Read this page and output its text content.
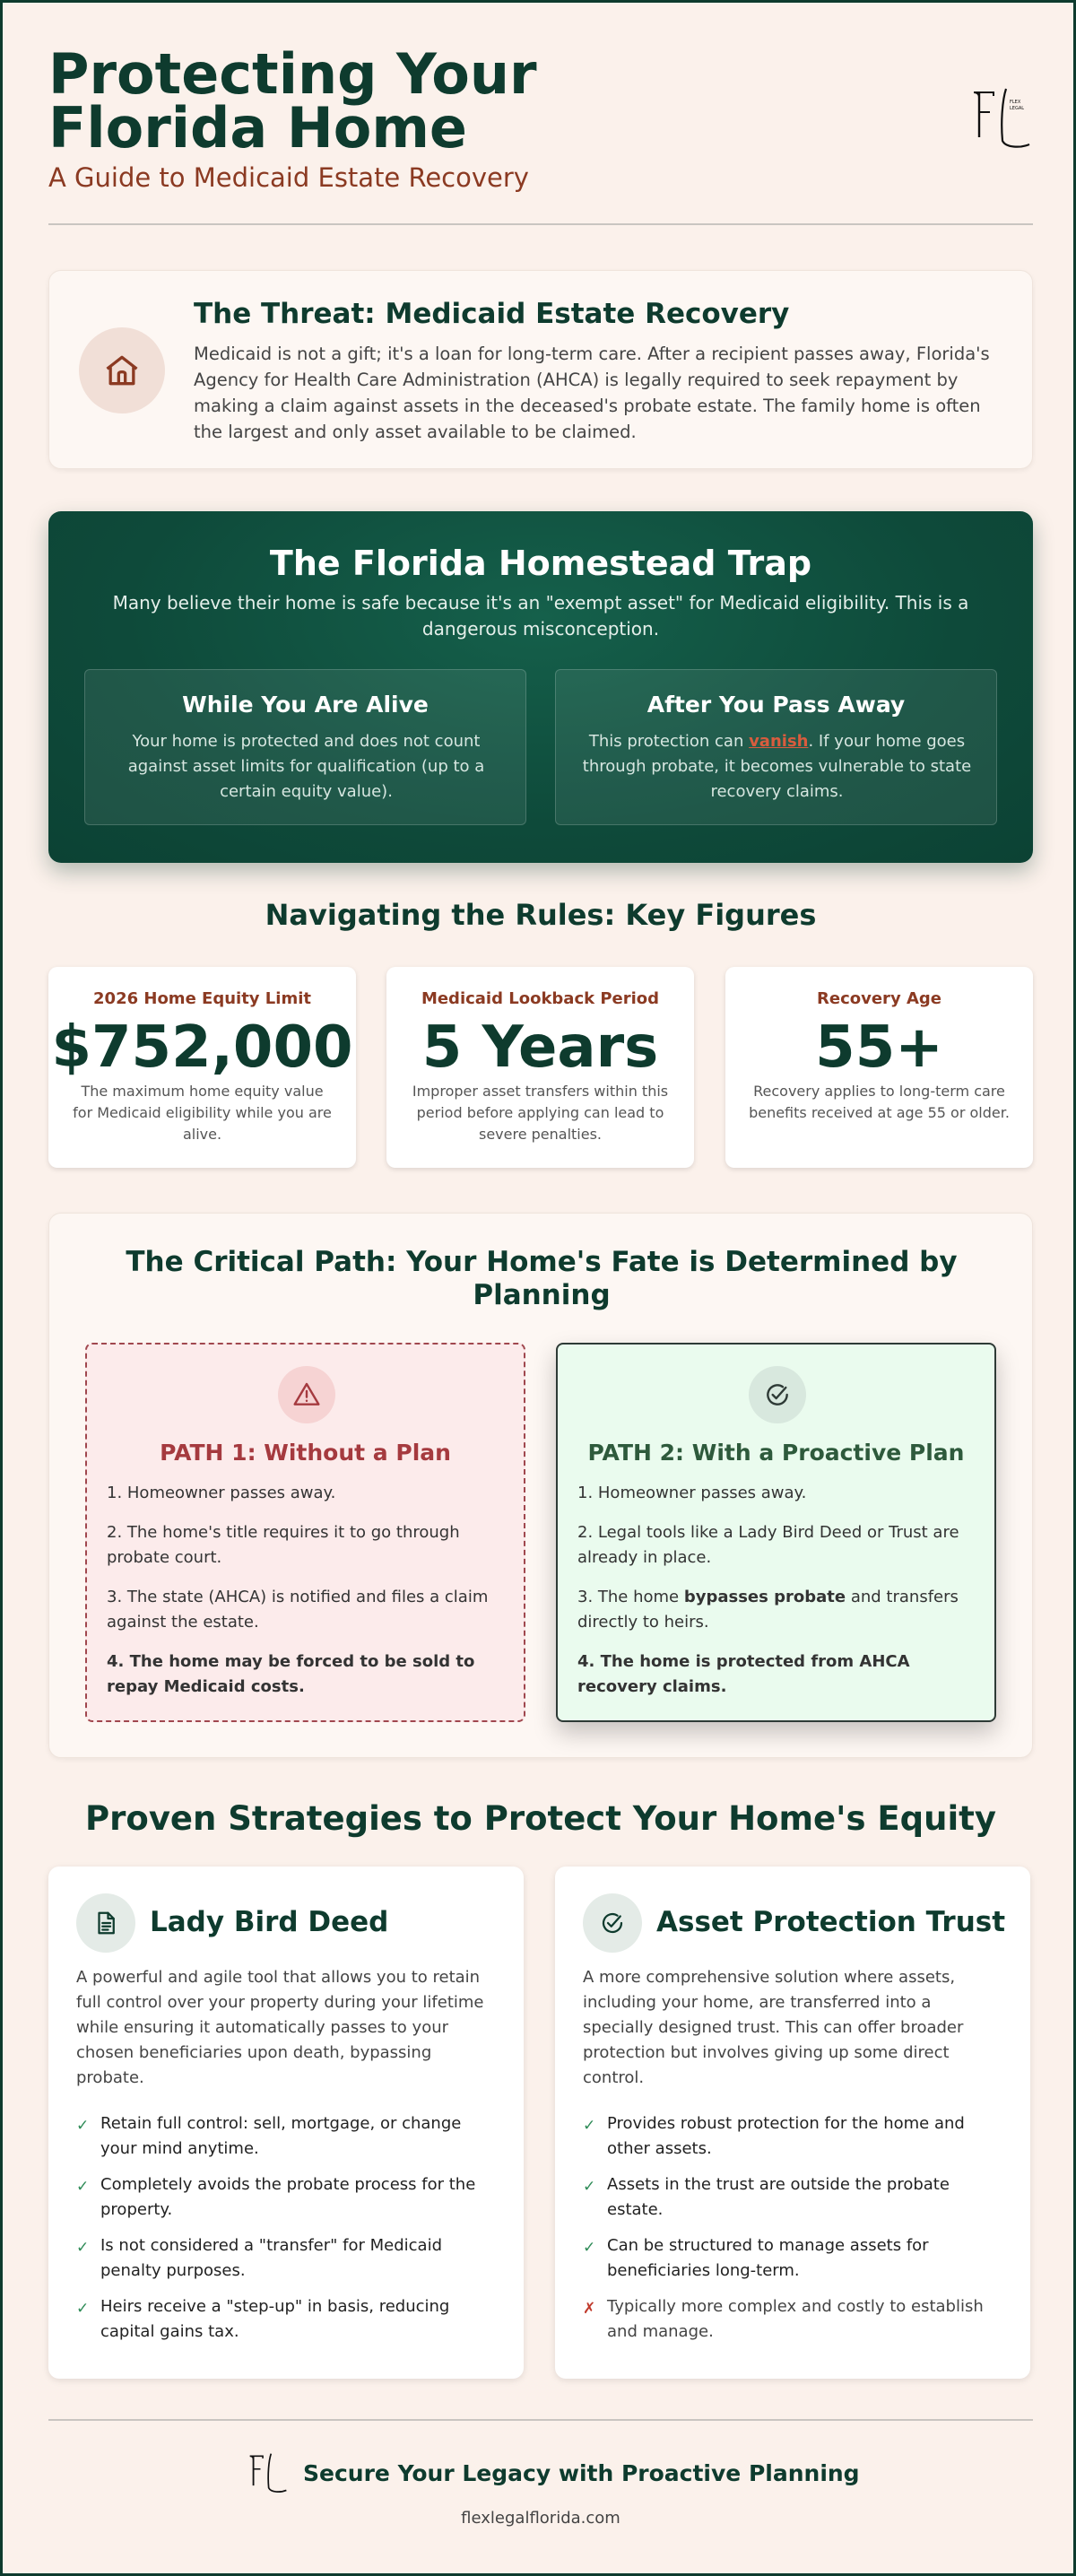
Protecting Your Florida Home
A Guide to Medicaid Estate Recovery
FLEX
LEGAL
The Threat: Medicaid Estate Recovery
Medicaid is not a gift; it's a loan for long-term care. After a recipient passes away, Florida's Agency for Health Care Administration (AHCA) is legally required to seek repayment by making a claim against assets in the deceased's probate estate. The family home is often the largest and only asset available to be claimed.
The Florida Homestead Trap
Many believe their home is safe because it's an "exempt asset" for Medicaid eligibility. This is a dangerous misconception.
While You Are Alive
Your home is protected and does not count against asset limits for qualification (up to a certain equity value).
After You Pass Away
This protection can vanish. If your home goes through probate, it becomes vulnerable to state recovery claims.
Navigating the Rules: Key Figures
2026 Home Equity Limit
$752,000
The maximum home equity value for Medicaid eligibility while you are alive.
Medicaid Lookback Period
5 Years
Improper asset transfers within this period before applying can lead to severe penalties.
Recovery Age
55+
Recovery applies to long-term care benefits received at age 55 or older.
The Critical Path: Your Home's Fate is Determined by Planning
PATH 1: Without a Plan
1. Homeowner passes away.
2. The home's title requires it to go through probate court.
3. The state (AHCA) is notified and files a claim against the estate.
4. The home may be forced to be sold to repay Medicaid costs.
PATH 2: With a Proactive Plan
1. Homeowner passes away.
2. Legal tools like a Lady Bird Deed or Trust are already in place.
3. The home bypasses probate and transfers directly to heirs.
4. The home is protected from AHCA recovery claims.
Proven Strategies to Protect Your Home's Equity
Lady Bird Deed
A powerful and agile tool that allows you to retain full control over your property during your lifetime while ensuring it automatically passes to your chosen beneficiaries upon death, bypassing probate.
✓ Retain full control: sell, mortgage, or change your mind anytime.
✓ Completely avoids the probate process for the property.
✓ Is not considered a "transfer" for Medicaid penalty purposes.
✓ Heirs receive a "step-up" in basis, reducing capital gains tax.
Asset Protection Trust
A more comprehensive solution where assets, including your home, are transferred into a specially designed trust. This can offer broader protection but involves giving up some direct control.
✓ Provides robust protection for the home and other assets.
✓ Assets in the trust are outside the probate estate.
✓ Can be structured to manage assets for beneficiaries long-term.
✗ Typically more complex and costly to establish and manage.
Secure Your Legacy with Proactive Planning
flexlegalflorida.com
